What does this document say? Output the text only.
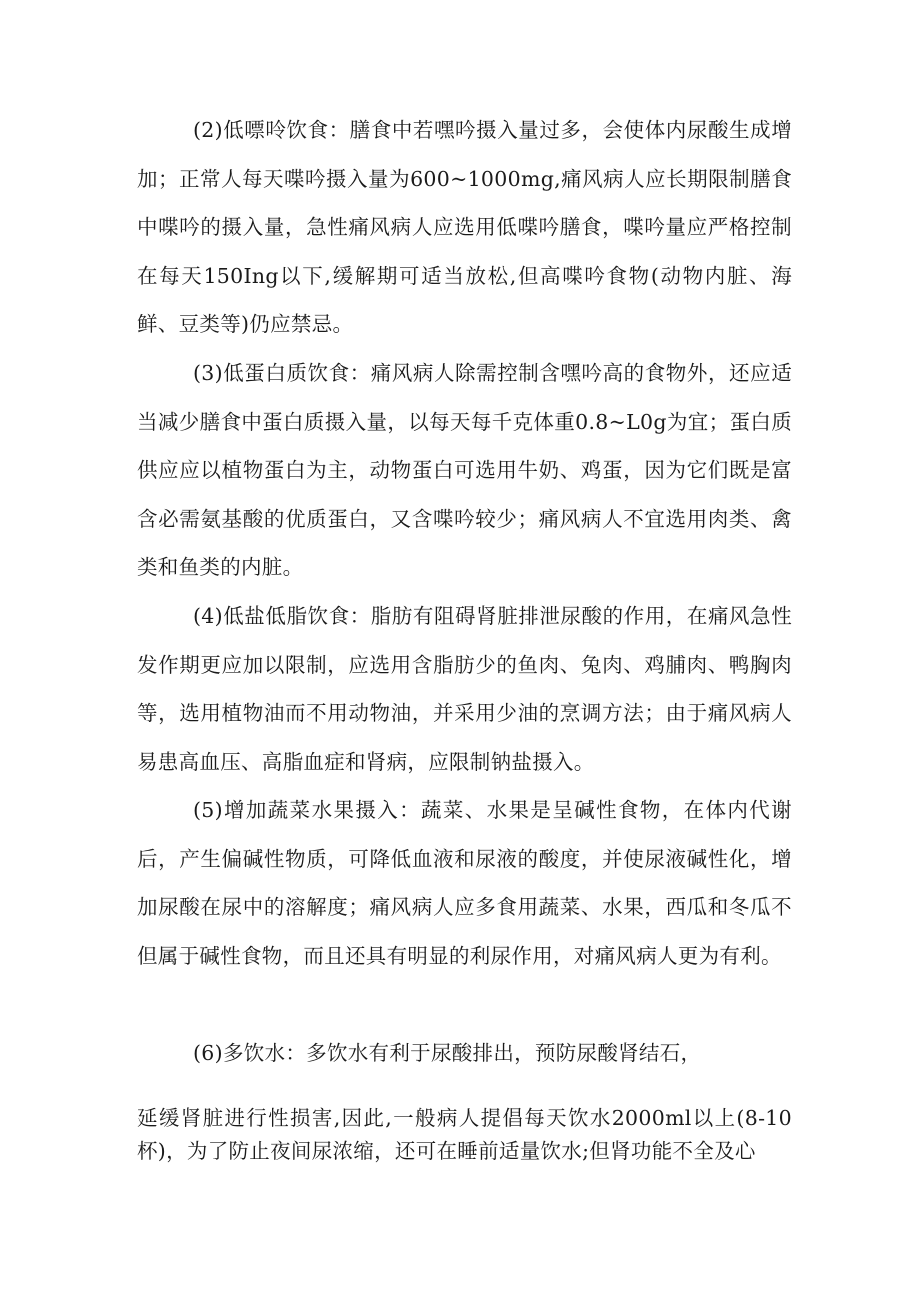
(2)低嘌呤饮食：膳食中若嘿吟摄入量过多，会使体内尿酸生成增加；正常人每天喋吟摄入量为600~1000mg,痛风病人应长期限制膳食中喋吟的摄入量，急性痛风病人应选用低喋吟膳食，喋吟量应严格控制在每天150Ing以下,缓解期可适当放松,但高喋吟食物(动物内脏、海鲜、豆类等)仍应禁忌。

(3)低蛋白质饮食：痛风病人除需控制含嘿吟高的食物外，还应适当减少膳食中蛋白质摄入量，以每天每千克体重0.8~L0g为宜；蛋白质供应应以植物蛋白为主，动物蛋白可选用牛奶、鸡蛋，因为它们既是富含必需氨基酸的优质蛋白，又含喋吟较少；痛风病人不宜选用肉类、禽类和鱼类的内脏。

(4)低盐低脂饮食：脂肪有阻碍肾脏排泄尿酸的作用，在痛风急性发作期更应加以限制，应选用含脂肪少的鱼肉、兔肉、鸡脯肉、鸭胸肉等，选用植物油而不用动物油，并采用少油的烹调方法；由于痛风病人易患高血压、高脂血症和肾病，应限制钠盐摄入。

(5)增加蔬菜水果摄入：蔬菜、水果是呈碱性食物，在体内代谢后，产生偏碱性物质，可降低血液和尿液的酸度，并使尿液碱性化，增加尿酸在尿中的溶解度；痛风病人应多食用蔬菜、水果，西瓜和冬瓜不但属于碱性食物，而且还具有明显的利尿作用，对痛风病人更为有利。

(6)多饮水：多饮水有利于尿酸排出，预防尿酸肾结石，

延缓肾脏进行性损害,因此,一般病人提倡每天饮水2000ml以上(8-10杯)，为了防止夜间尿浓缩，还可在睡前适量饮水;但肾功能不全及心
